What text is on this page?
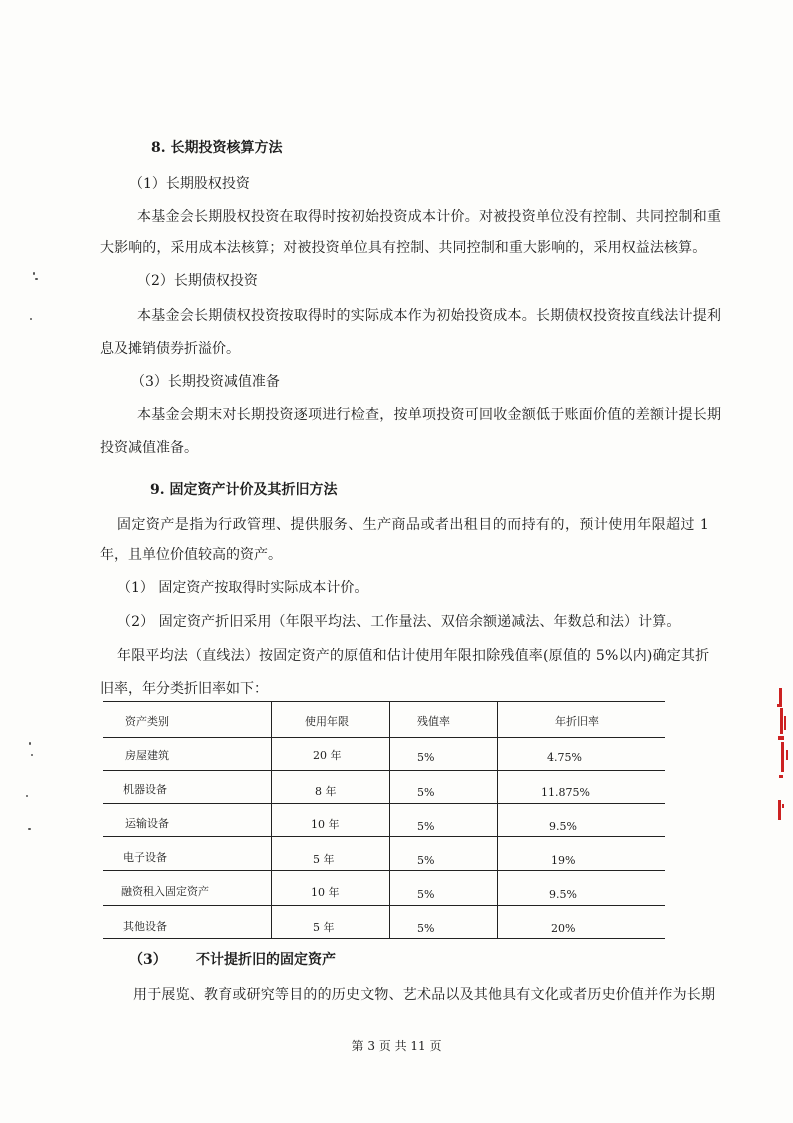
8. 长期投资核算方法
（1）长期股权投资
本基金会长期股权投资在取得时按初始投资成本计价。对被投资单位没有控制、共同控制和重
大影响的，采用成本法核算；对被投资单位具有控制、共同控制和重大影响的，采用权益法核算。
（2）长期债权投资
本基金会长期债权投资按取得时的实际成本作为初始投资成本。长期债权投资按直线法计提利
息及摊销债券折溢价。
（3）长期投资减值准备
本基金会期末对长期投资逐项进行检查，按单项投资可回收金额低于账面价值的差额计提长期
投资减值准备。
9. 固定资产计价及其折旧方法
固定资产是指为行政管理、提供服务、生产商品或者出租目的而持有的，预计使用年限超过 1
年，且单位价值较高的资产。
（1） 固定资产按取得时实际成本计价。
（2） 固定资产折旧采用（年限平均法、工作量法、双倍余额递减法、年数总和法）计算。
年限平均法（直线法）按固定资产的原值和估计使用年限扣除残值率(原值的 5%以内)确定其折
旧率，年分类折旧率如下：
资产类别	使用年限	残值率	年折旧率
房屋建筑	20 年	5%	4.75%
机器设备	8 年	5%	11.875%
运输设备	10 年	5%	9.5%
电子设备	5 年	5%	19%
融资租入固定资产	10 年	5%	9.5%
其他设备	5 年	5%	20%
（3） 不计提折旧的固定资产
用于展览、教育或研究等目的的历史文物、艺术品以及其他具有文化或者历史价值并作为长期
第 3 页 共 11 页
